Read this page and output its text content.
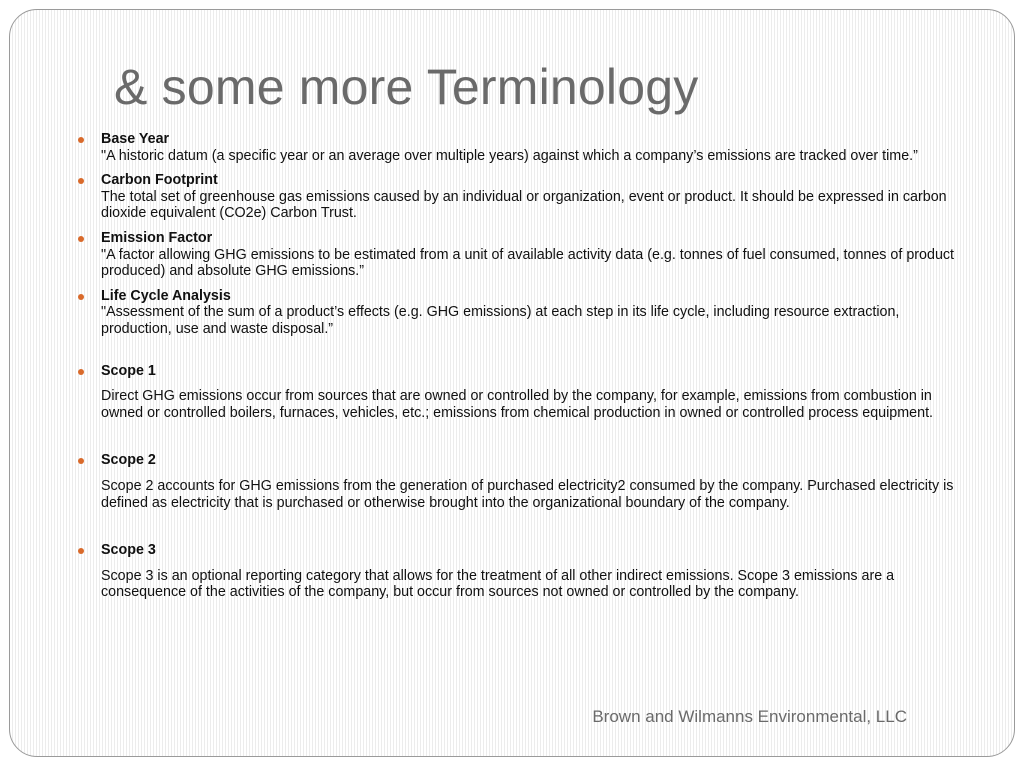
& some more Terminology
Base Year
"A historic datum (a specific year or an average over multiple years) against which a company’s emissions are tracked over time.”
Carbon Footprint
The total set of greenhouse gas emissions caused by an individual or organization, event or product. It should be expressed in carbon dioxide equivalent (CO2e) Carbon Trust.
Emission Factor
"A factor allowing GHG emissions to be estimated from a unit of available activity data (e.g. tonnes of fuel consumed, tonnes of product produced) and absolute GHG emissions.”
Life Cycle Analysis
"Assessment of the sum of a product’s effects (e.g. GHG emissions) at each step in its life cycle, including resource extraction, production, use and waste disposal.”
Scope 1
Direct GHG emissions occur from sources that are owned or controlled by the company, for example, emissions from combustion in owned or controlled boilers, furnaces, vehicles, etc.; emissions from chemical production in owned or controlled process equipment.
Scope 2
Scope 2 accounts for GHG emissions from the generation of purchased electricity2 consumed by the company. Purchased electricity is defined as electricity that is purchased or otherwise brought into the organizational boundary of the company.
Scope 3
Scope 3 is an optional reporting category that allows for the treatment of all other indirect emissions. Scope 3 emissions are a consequence of the activities of the company, but occur from sources not owned or controlled by the company.
Brown and Wilmanns Environmental, LLC
